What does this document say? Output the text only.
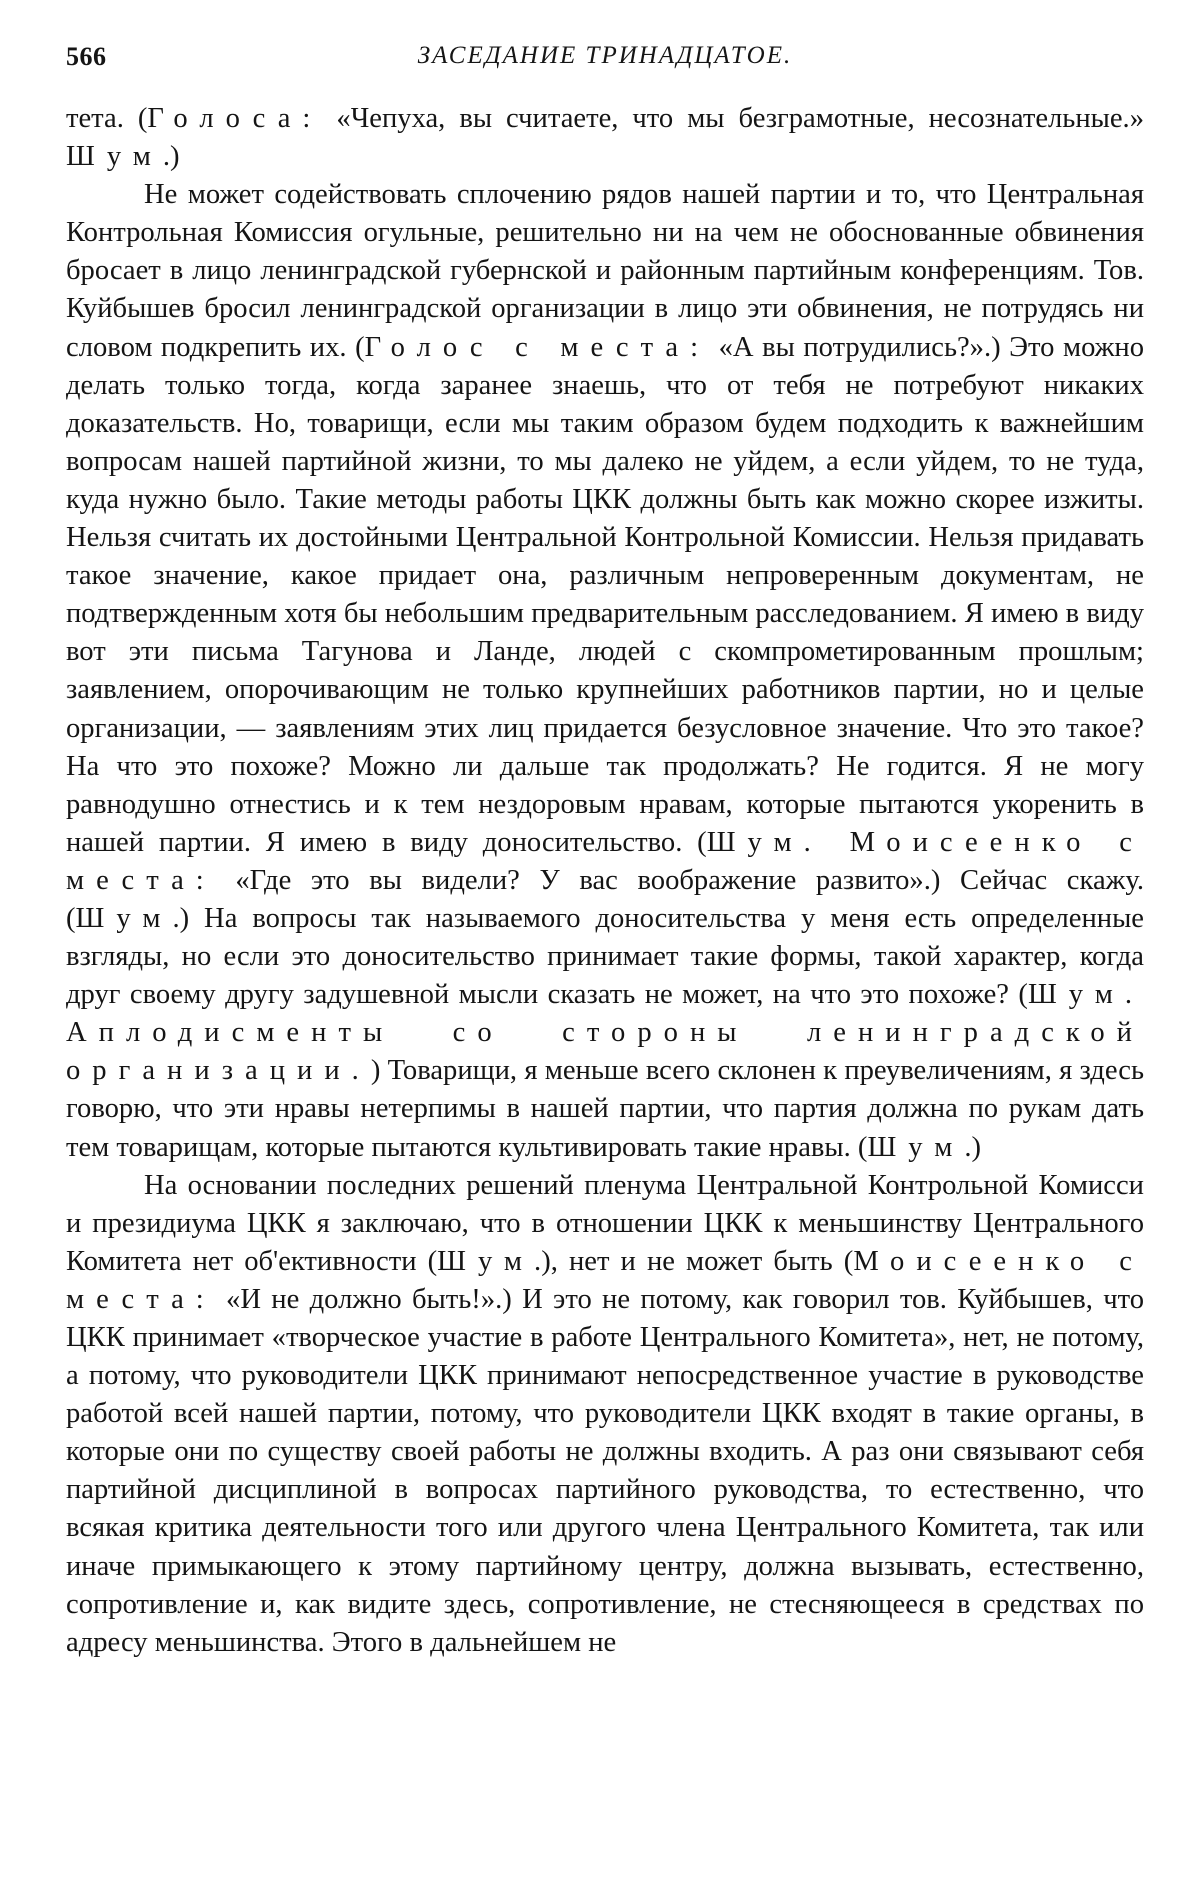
566	ЗАСЕДАНИЕ ТРИНАДЦАТОЕ.

тета. (Голоса: «Чепуха, вы считаете, что мы безграмотные, несознательные.» Шум.)

Не может содействовать сплочению рядов нашей партии и то, что Центральная Контрольная Комиссия огульные, решительно ни на чем не обоснованные обвинения бросает в лицо ленинградской губернской и районным партийным конференциям. Тов. Куйбышев бросил ленинградской организации в лицо эти обвинения, не потрудясь ни словом подкрепить их. (Голос с места: «А вы потрудились?».) Это можно делать только тогда, когда заранее знаешь, что от тебя не потребуют никаких доказательств. Но, товарищи, если мы таким образом будем подходить к важнейшим вопросам нашей партийной жизни, то мы далеко не уйдем, а если уйдем, то не туда, куда нужно было. Такие методы работы ЦКК должны быть как можно скорее изжиты. Нельзя считать их достойными Центральной Контрольной Комиссии. Нельзя придавать такое значение, какое придает она, различным непроверенным документам, не подтвержденным хотя бы небольшим предварительным расследованием. Я имею в виду вот эти письма Тагунова и Ланде, людей с скомпрометированным прошлым; заявлением, опорочивающим не только крупнейших работников партии, но и целые организации, — заявлениям этих лиц придается безусловное значение. Что это такое? На что это похоже? Можно ли дальше так продолжать? Не годится. Я не могу равнодушно отнестись и к тем нездоровым нравам, которые пытаются укоренить в нашей партии. Я имею в виду доносительство. (Шум. Моисеенко с места: «Где это вы видели? У вас воображение развито».) Сейчас скажу. (Шум.) На вопросы так называемого доносительства у меня есть определенные взгляды, но если это доносительство принимает такие формы, такой характер, когда друг своему другу задушевной мысли сказать не может, на что это похоже? (Шум. Аплодисменты со стороны ленинградской организации.) Товарищи, я меньше всего склонен к преувеличениям, я здесь говорю, что эти нравы нетерпимы в нашей партии, что партия должна по рукам дать тем товарищам, которые пытаются культивировать такие нравы. (Шум.)

На основании последних решений пленума Центральной Контрольной Комисси и президиума ЦКК я заключаю, что в отношении ЦКК к меньшинству Центрального Комитета нет об'ективности (Шум.), нет и не может быть (Моисеенко с места: «И не должно быть!».) И это не потому, как говорил тов. Куйбышев, что ЦКК принимает «творческое участие в работе Центрального Комитета», нет, не потому, а потому, что руководители ЦКК принимают непосредственное участие в руководстве работой всей нашей партии, потому, что руководители ЦКК входят в такие органы, в которые они по существу своей работы не должны входить. А раз они связывают себя партийной дисциплиной в вопросах партийного руководства, то естественно, что всякая критика деятельности того или другого члена Центрального Комитета, так или иначе примыкающего к этому партийному центру, должна вызывать, естественно, сопротивление и, как видите здесь, сопротивление, не стесняющееся в средствах по адресу меньшинства. Этого в дальнейшем не
